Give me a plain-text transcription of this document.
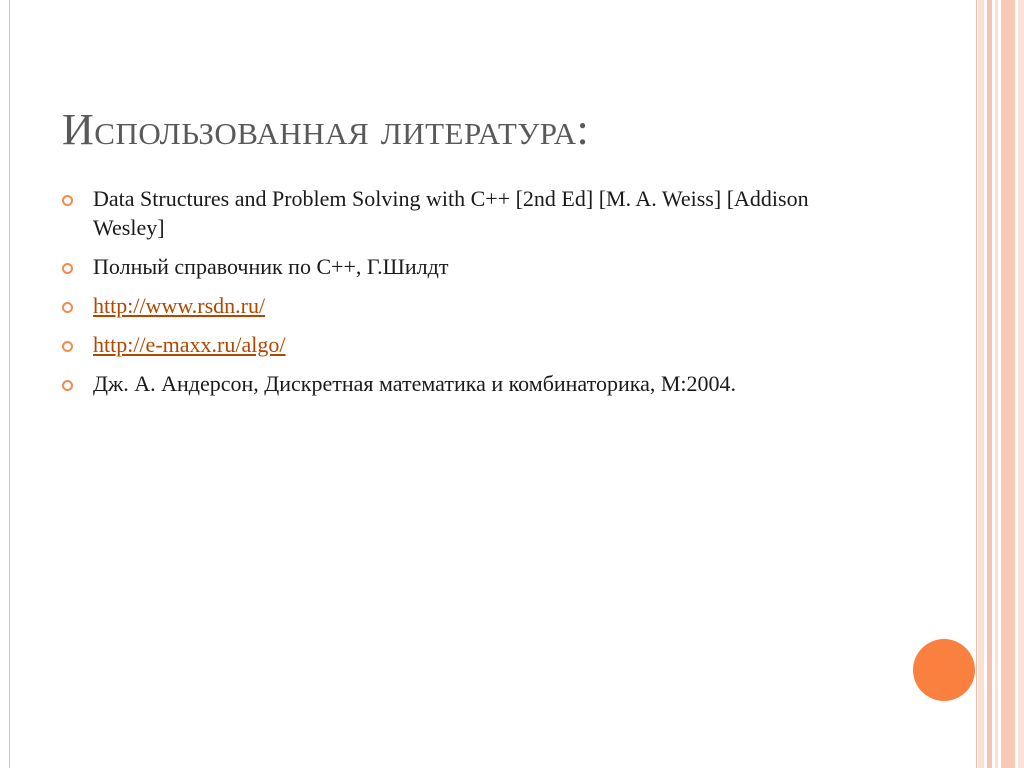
Использованная литература:
Data Structures and Problem Solving with C++ [2nd Ed] [M. A. Weiss] [Addison Wesley]
Полный справочник по C++, Г.Шилдт
http://www.rsdn.ru/
http://e-maxx.ru/algo/
Дж. А. Андерсон, Дискретная математика и комбинаторика, М:2004.
